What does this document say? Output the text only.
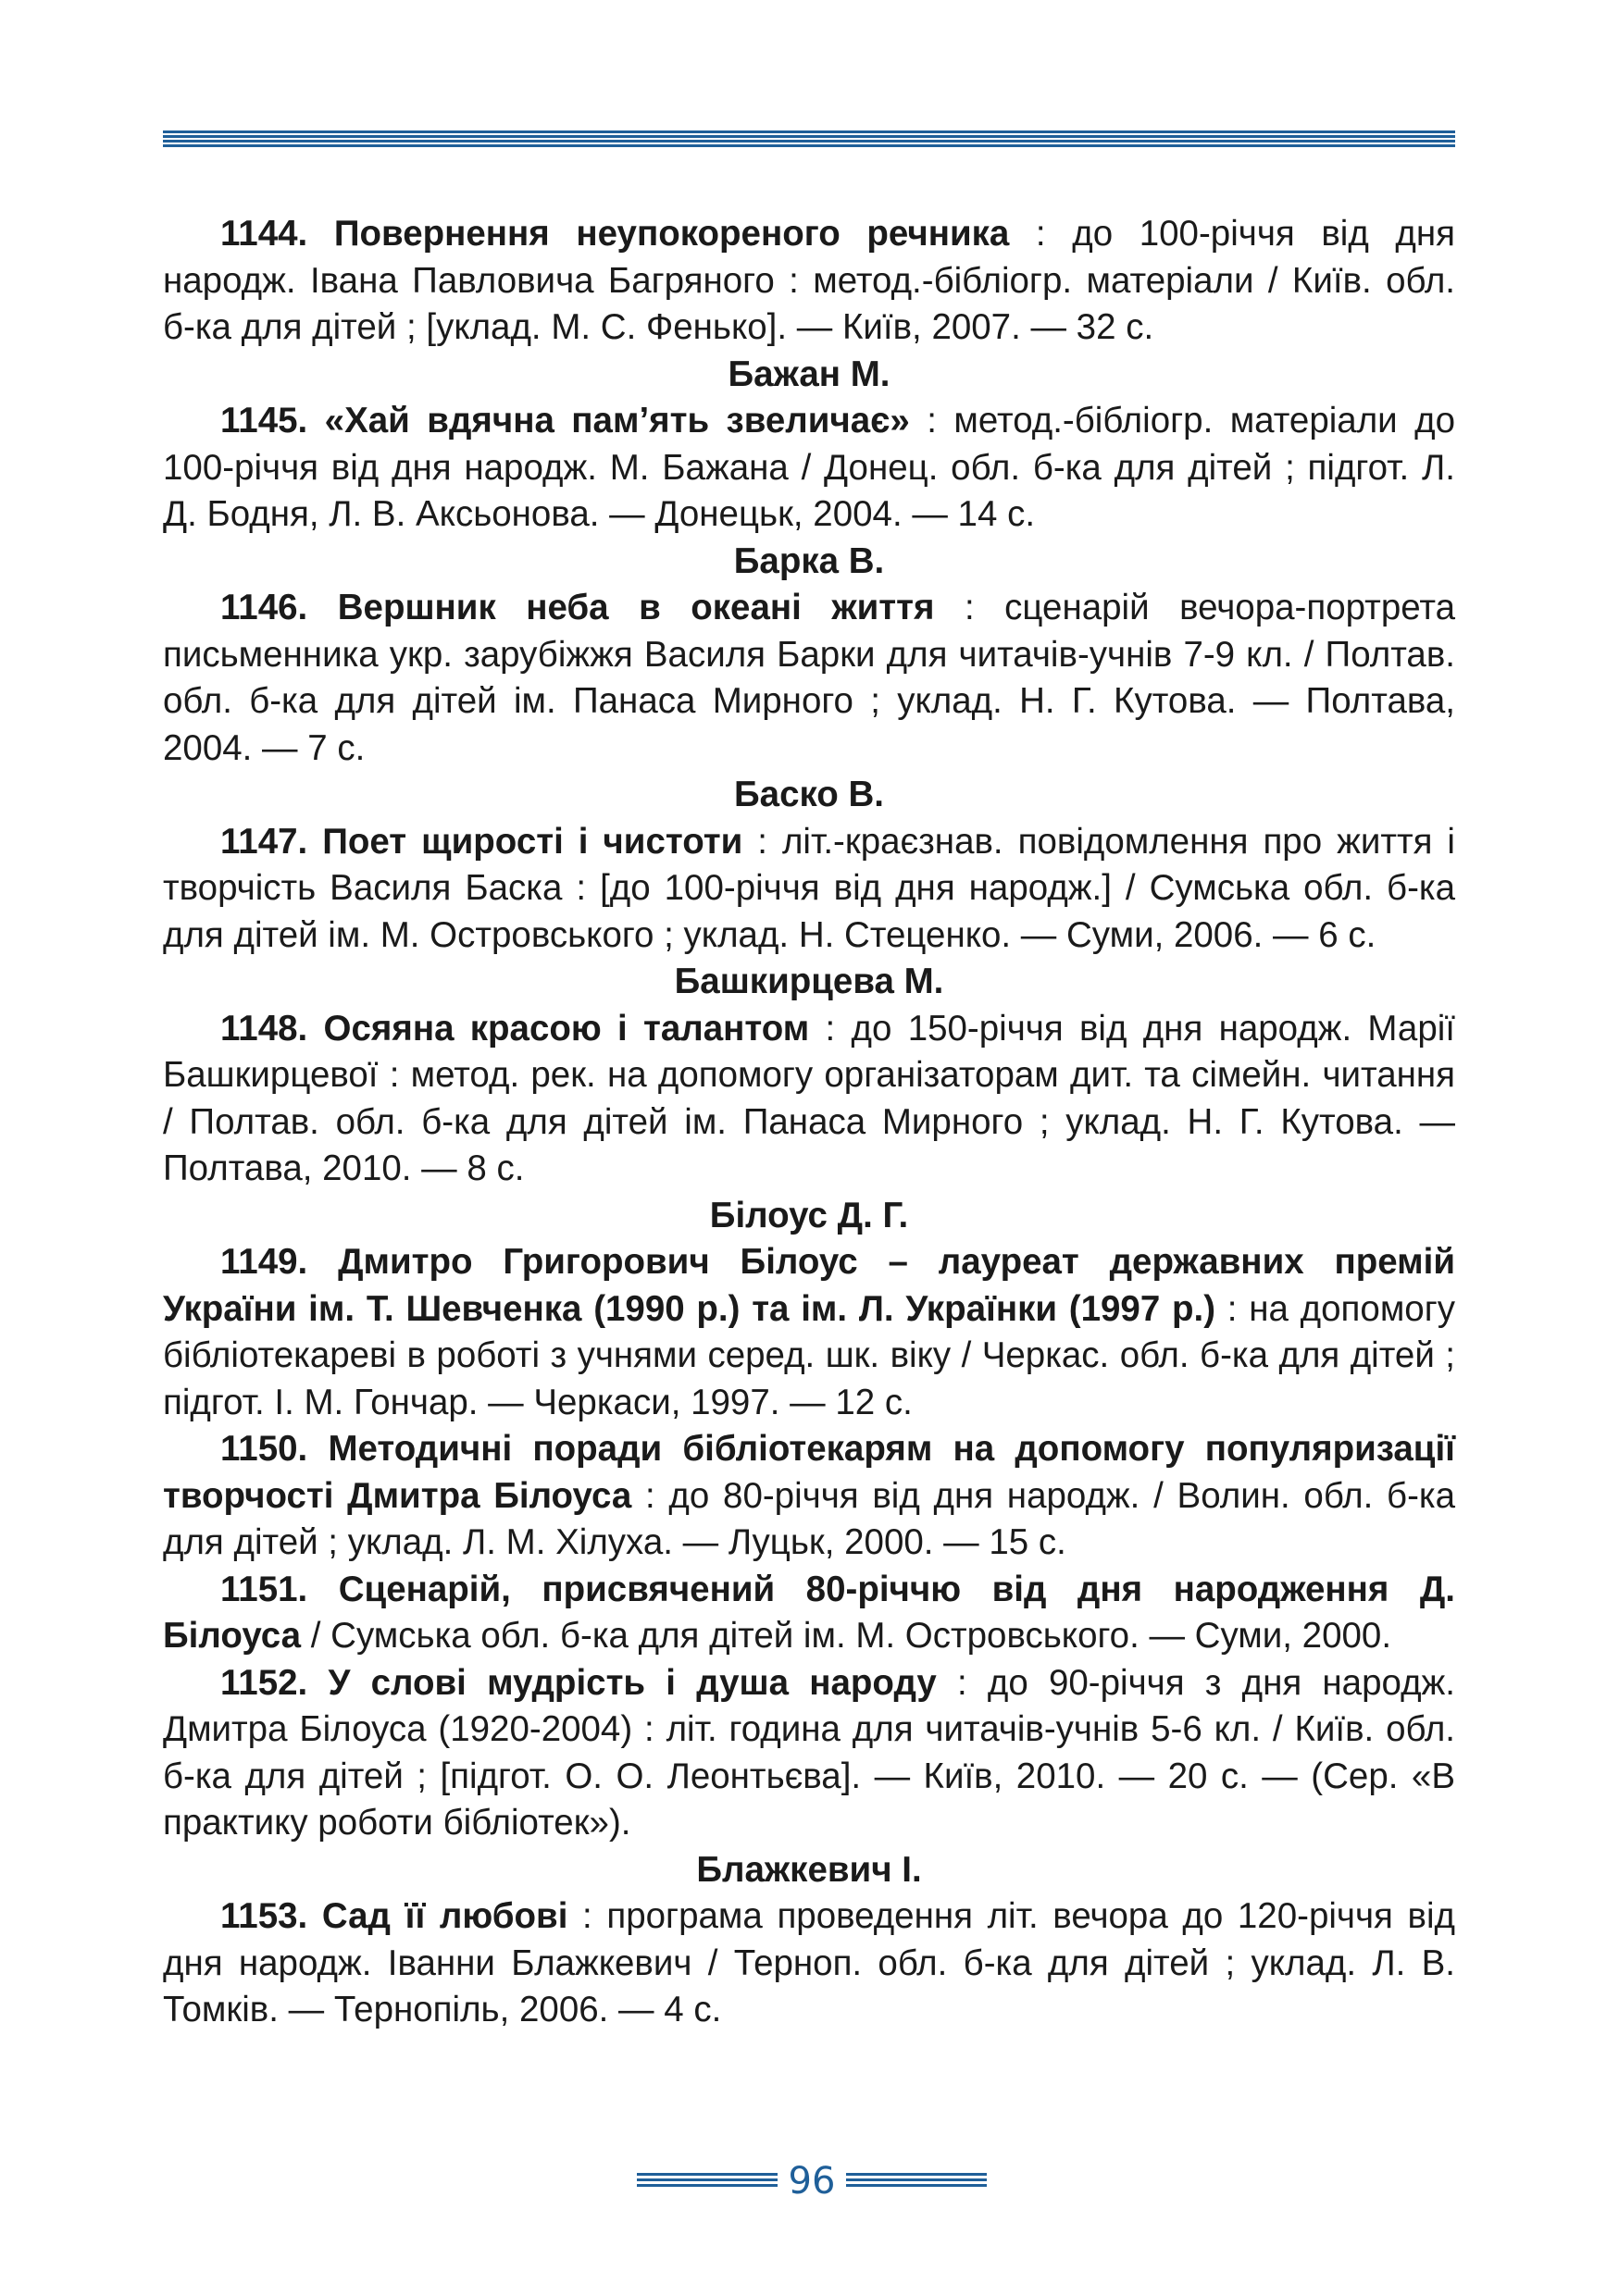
1144. Повернення неупокореного речника : до 100-річчя від дня народж. Івана Павловича Багряного : метод.-бібліогр. матеріали / Київ. обл. б-ка для дітей ; [уклад. М. С. Фенько]. — Київ, 2007. — 32 с.

Бажан М.

1145. «Хай вдячна пам’ять звеличає» : метод.-бібліогр. матеріали до 100-річчя від дня народж. М. Бажана / Донец. обл. б-ка для дітей ; підгот. Л. Д. Бодня, Л. В. Аксьонова. — Донецьк, 2004. — 14 с.

Барка В.

1146. Вершник неба в океані життя : сценарій вечора-портрета письменника укр. зарубіжжя Василя Барки для читачів-учнів 7-9 кл. / Полтав. обл. б-ка для дітей ім. Панаса Мирного ; уклад. Н. Г. Кутова. — Полтава, 2004. — 7 с.

Баско В.

1147. Поет щирості і чистоти : літ.-краєзнав. повідомлення про життя і творчість Василя Баска : [до 100-річчя від дня народж.] / Сумська обл. б-ка для дітей ім. М. Островського ; уклад. Н. Стеценко. — Суми, 2006. — 6 с.

Башкирцева М.

1148. Осяяна красою і талантом : до 150-річчя від дня народж. Марії Башкирцевої : метод. рек. на допомогу організаторам дит. та сімейн. читання / Полтав. обл. б-ка для дітей ім. Панаса Мирного ; уклад. Н. Г. Кутова. — Полтава, 2010. — 8 с.

Білоус Д. Г.

1149. Дмитро Григорович Білоус – лауреат державних премій України ім. Т. Шевченка (1990 р.) та ім. Л. Українки (1997 р.) : на допомогу бібліотекареві в роботі з учнями серед. шк. віку / Черкас. обл. б-ка для дітей ; підгот. І. М. Гончар. — Черкаси, 1997. — 12 с.

1150. Методичні поради бібліотекарям на допомогу популяризації творчості Дмитра Білоуса : до 80-річчя від дня народж. / Волин. обл. б-ка для дітей ; уклад. Л. М. Хілуха. — Луцьк, 2000. — 15 с.

1151. Сценарій, присвячений 80-річчю від дня народження Д. Білоуса / Сумська обл. б-ка для дітей ім. М. Островського. — Суми, 2000.

1152. У слові мудрість і душа народу : до 90-річчя з дня народж. Дмитра Білоуса (1920-2004) : літ. година для читачів-учнів 5-6 кл. / Київ. обл. б-ка для дітей ; [підгот. О. О. Леонтьєва]. — Київ, 2010. — 20 с. — (Сер. «В практику роботи бібліотек»).

Блажкевич І.

1153. Сад її любові : програма проведення літ. вечора до 120-річчя від дня народж. Іванни Блажкевич / Терноп. обл. б-ка для дітей ; уклад. Л. В. Томків. — Тернопіль, 2006. — 4 с.

96
